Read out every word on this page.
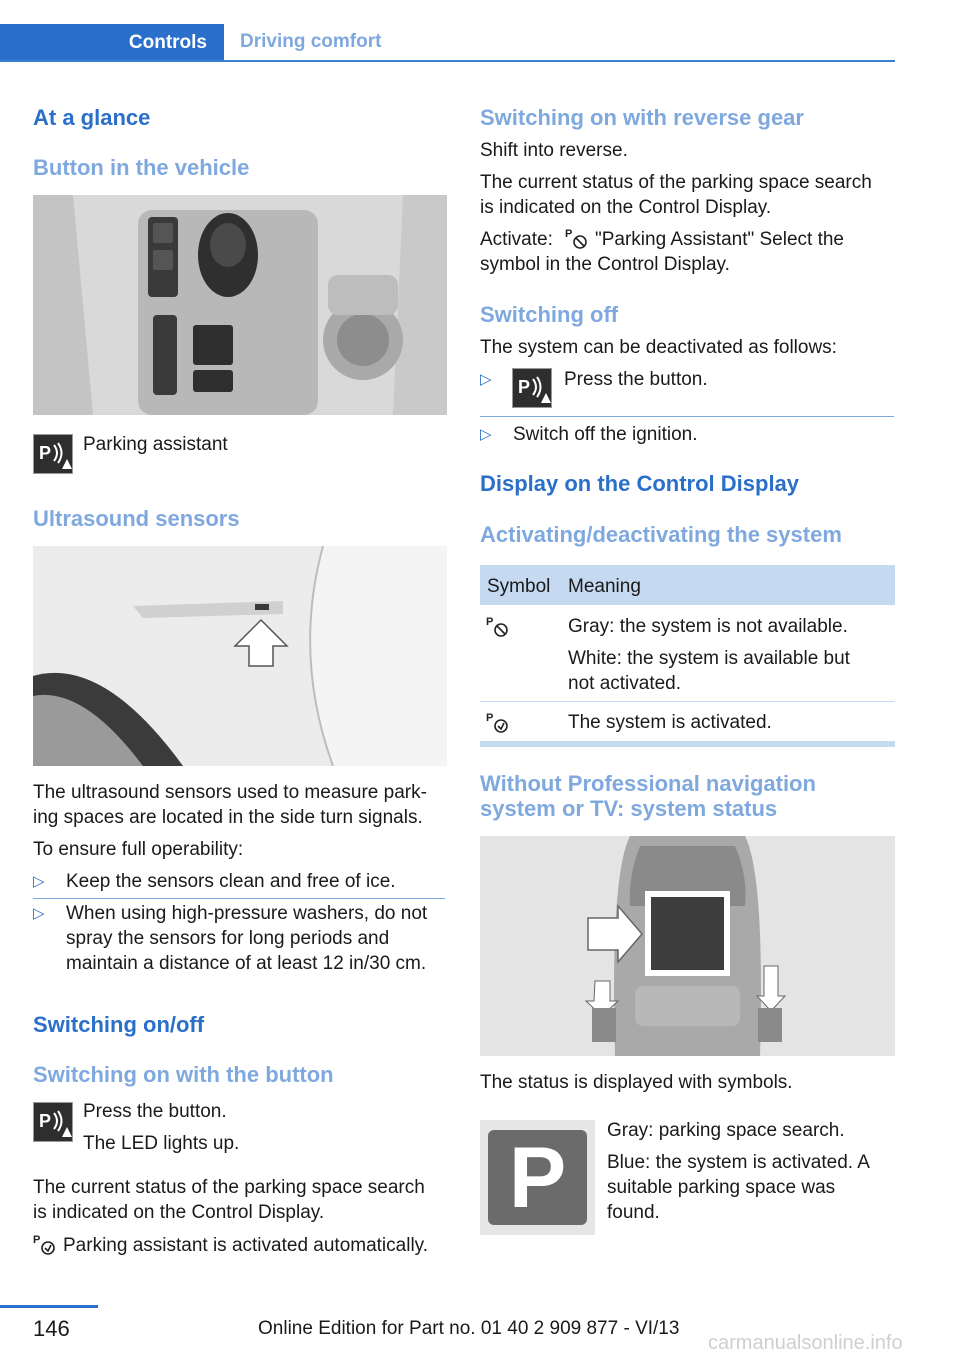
Controls Driving comfort
At a glance
Button in the vehicle
P Parking assistant
Ultrasound sensors
The ultrasound sensors used to measure park‐
ing spaces are located in the side turn signals.
To ensure full operability:
▷ Keep the sensors clean and free of ice.
▷ When using high-pressure washers, do not
spray the sensors for long periods and
maintain a distance of at least 12 in/30 cm.
Switching on/off
Switching on with the button
P Press the button.
The LED lights up.
The current status of the parking space search
is indicated on the Control Display.
P Parking assistant is activated automatically.
Switching on with reverse gear
Shift into reverse.
The current status of the parking space search
is indicated on the Control Display.
Activate: P "Parking Assistant" Select the
symbol in the Control Display.
Switching off
The system can be deactivated as follows:
▷ P Press the button.
▷ Switch off the ignition.
Display on the Control Display
Activating/deactivating the system
Symbol Meaning
P	Gray: the system is not available.
White: the system is available but
not activated.
P	The system is activated.
Without Professional navigation
system or TV: system status
The status is displayed with symbols.
P Gray: parking space search.
Blue: the system is activated. A
suitable parking space was
found.
146	Online Edition for Part no. 01 40 2 909 877 - VI/13
carmanualsonline.info
